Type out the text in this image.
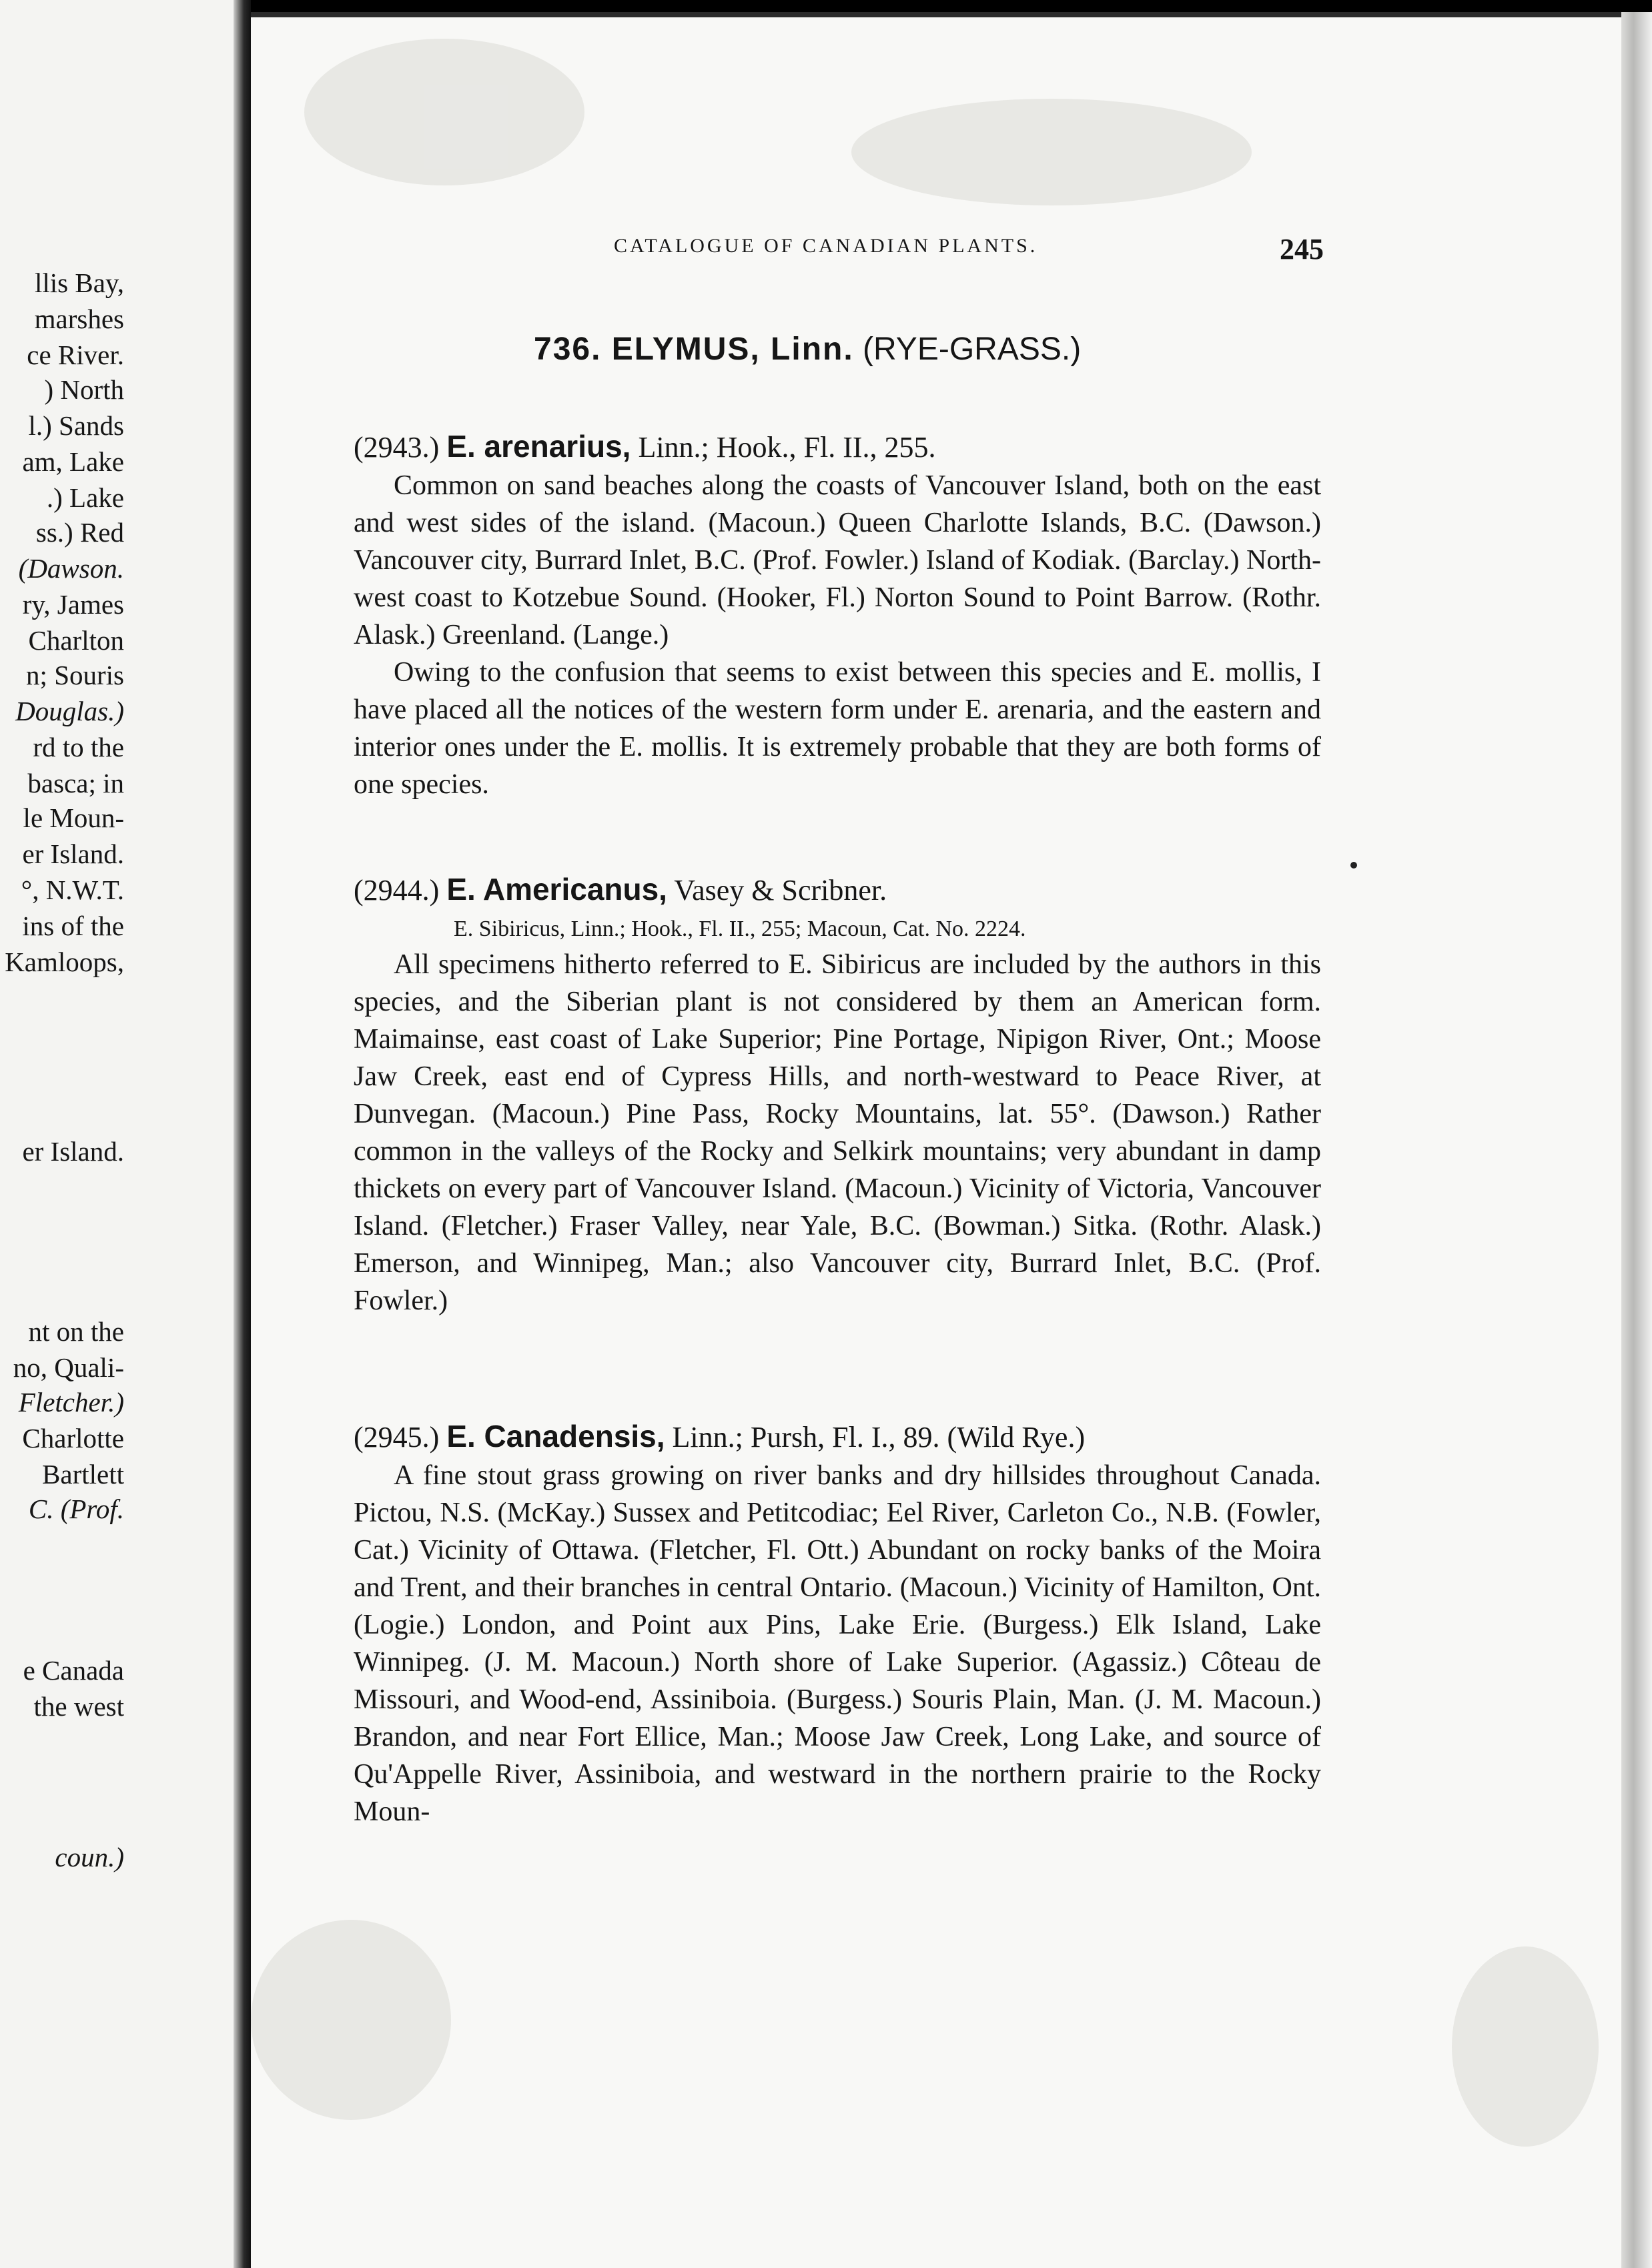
llis Bay,
marshes
ce River.
) North
l.) Sands
am, Lake
.) Lake
ss.) Red
(Dawson.
ry, James
Charlton
n; Souris
Douglas.)
rd to the
basca; in
le Moun-
er Island.
°, N.W.T.
ins of the
Kamloops,
er Island.
nt on the
no, Quali-
Fletcher.)
Charlotte
Bartlett
C. (Prof.
e Canada
the west
coun.)
CATALOGUE OF CANADIAN PLANTS.	245
736. ELYMUS, Linn. (RYE-GRASS.)

(2943.) E. arenarius, Linn.; Hook., Fl. II., 255.

Common on sand beaches along the coasts of Vancouver Island, both on the east and west sides of the island. (Macoun.) Queen Charlotte Islands, B.C. (Dawson.) Vancouver city, Burrard Inlet, B.C. (Prof. Fowler.) Island of Kodiak. (Barclay.) North-west coast to Kotzebue Sound. (Hooker, Fl.) Norton Sound to Point Barrow. (Rothr. Alask.) Greenland. (Lange.)

Owing to the confusion that seems to exist between this species and E. mollis, I have placed all the notices of the western form under E. arenaria, and the eastern and interior ones under the E. mollis. It is extremely probable that they are both forms of one species.

(2944.) E. Americanus, Vasey & Scribner.

E. Sibiricus, Linn.; Hook., Fl. II., 255; Macoun, Cat. No. 2224.

All specimens hitherto referred to E. Sibiricus are included by the authors in this species, and the Siberian plant is not considered by them an American form. Maimainse, east coast of Lake Superior; Pine Portage, Nipigon River, Ont.; Moose Jaw Creek, east end of Cypress Hills, and north-westward to Peace River, at Dunvegan. (Macoun.) Pine Pass, Rocky Mountains, lat. 55°. (Dawson.) Rather common in the valleys of the Rocky and Selkirk mountains; very abundant in damp thickets on every part of Vancouver Island. (Macoun.) Vicinity of Victoria, Vancouver Island. (Fletcher.) Fraser Valley, near Yale, B.C. (Bowman.) Sitka. (Rothr. Alask.) Emerson, and Winnipeg, Man.; also Vancouver city, Burrard Inlet, B.C. (Prof. Fowler.)

(2945.) E. Canadensis, Linn.; Pursh, Fl. I., 89. (Wild Rye.)

A fine stout grass growing on river banks and dry hillsides throughout Canada. Pictou, N.S. (McKay.) Sussex and Petitcodiac; Eel River, Carleton Co., N.B. (Fowler, Cat.) Vicinity of Ottawa. (Fletcher, Fl. Ott.) Abundant on rocky banks of the Moira and Trent, and their branches in central Ontario. (Macoun.) Vicinity of Hamilton, Ont. (Logie.) London, and Point aux Pins, Lake Erie. (Burgess.) Elk Island, Lake Winnipeg. (J. M. Macoun.) North shore of Lake Superior. (Agassiz.) Côteau de Missouri, and Wood-end, Assiniboia. (Burgess.) Souris Plain, Man. (J. M. Macoun.) Brandon, and near Fort Ellice, Man.; Moose Jaw Creek, Long Lake, and source of Qu'Appelle River, Assiniboia, and westward in the northern prairie to the Rocky Moun-
